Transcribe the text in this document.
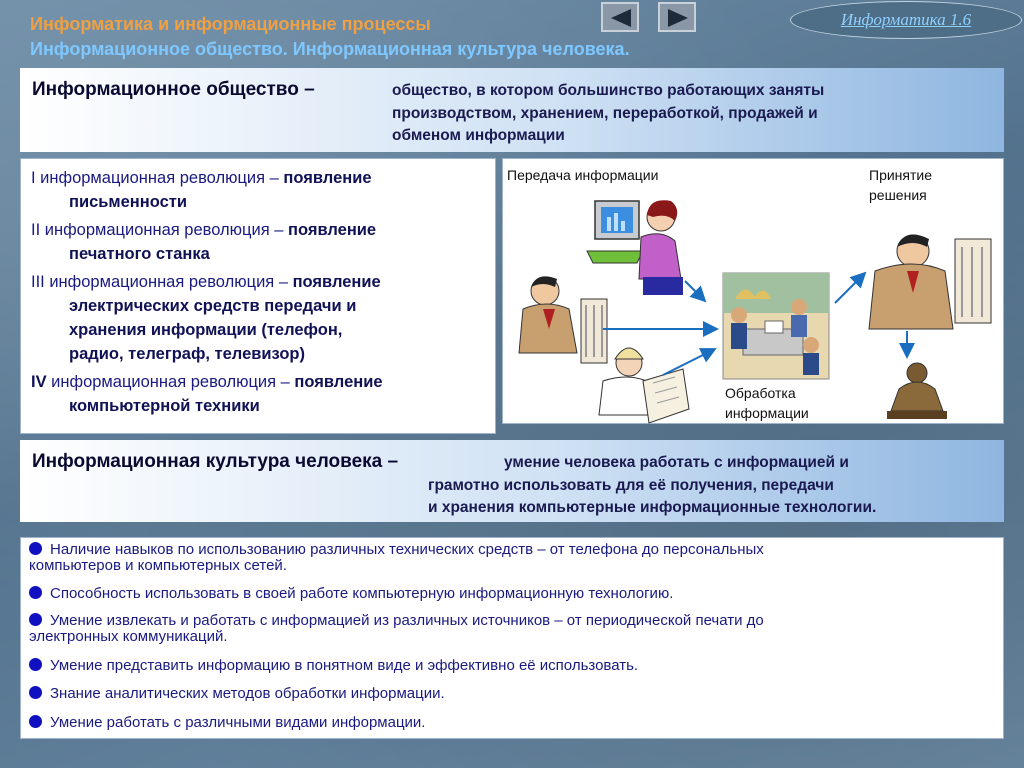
Информатика и информационные процессы
Информационное общество. Информационная культура человека.
Информатика 1.6
Информационное общество –	общество, в котором большинство работающих заняты
производством, хранением, переработкой, продажей и
обменом информации
I информационная революция – появление
письменности
II информационная революция – появление
печатного станка
III информационная революция – появление
электрических средств передачи и
хранения информации (телефон,
радио, телеграф, телевизор)
IV информационная революция – появление
компьютерной техники
Передача информации	Принятие
решения
Обработка
информации
Информационная культура человека –	умение человека работать с информацией и
грамотно использовать для её получения, передачи
и хранения компьютерные информационные технологии.
Наличие навыков по использованию различных технических средств – от телефона до персональных
компьютеров и компьютерных сетей.
Способность использовать в своей работе компьютерную информационную технологию.
Умение извлекать и работать с информацией из различных источников – от периодической печати до
электронных коммуникаций.
Умение представить информацию в понятном виде и эффективно её использовать.
Знание аналитических методов обработки информации.
Умение работать с различными видами информации.
